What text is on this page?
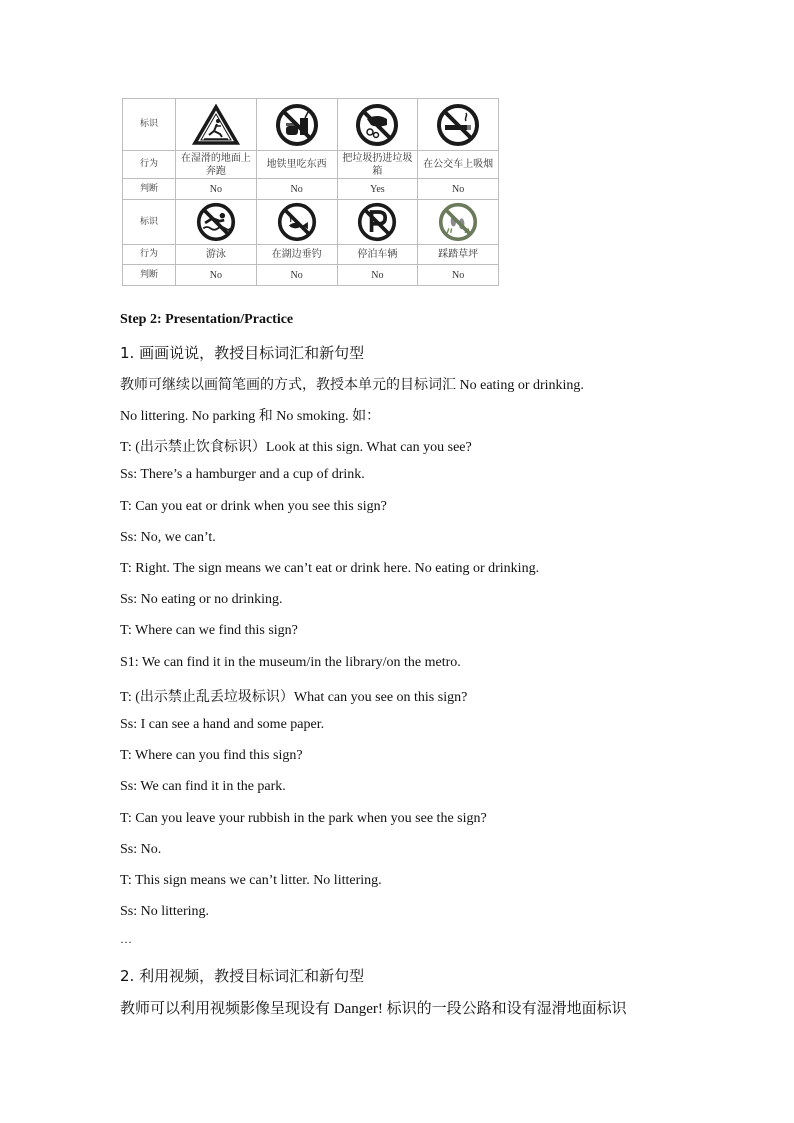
标识	

行为	在湿滑的地面上奔跑	地铁里吃东西	把垃圾扔进垃圾箱	在公交车上吸烟
判断	No	No	Yes	No
标识	

行为	游泳	在湖边垂钓	停泊车辆	踩踏草坪
判断	No	No	No	No
Step 2: Presentation/Practice
1. 画画说说，教授目标词汇和新句型
教师可继续以画简笔画的方式，教授本单元的目标词汇 No eating or drinking.
No littering. No parking 和 No smoking. 如：
T: (出示禁止饮食标识）Look at this sign. What can you see?
Ss: There’s a hamburger and a cup of drink.
T: Can you eat or drink when you see this sign?
Ss: No, we can’t.
T: Right. The sign means we can’t eat or drink here. No eating or drinking.
Ss: No eating or no drinking.
T: Where can we find this sign?
S1: We can find it in the museum/in the library/on the metro.
T: (出示禁止乱丢垃圾标识）What can you see on this sign?
Ss: I can see a hand and some paper.
T: Where can you find this sign?
Ss: We can find it in the park.
T: Can you leave your rubbish in the park when you see the sign?
Ss: No.
T: This sign means we can’t litter. No littering.
Ss: No littering.
…
2. 利用视频，教授目标词汇和新句型
教师可以利用视频影像呈现设有 Danger! 标识的一段公路和设有湿滑地面标识
